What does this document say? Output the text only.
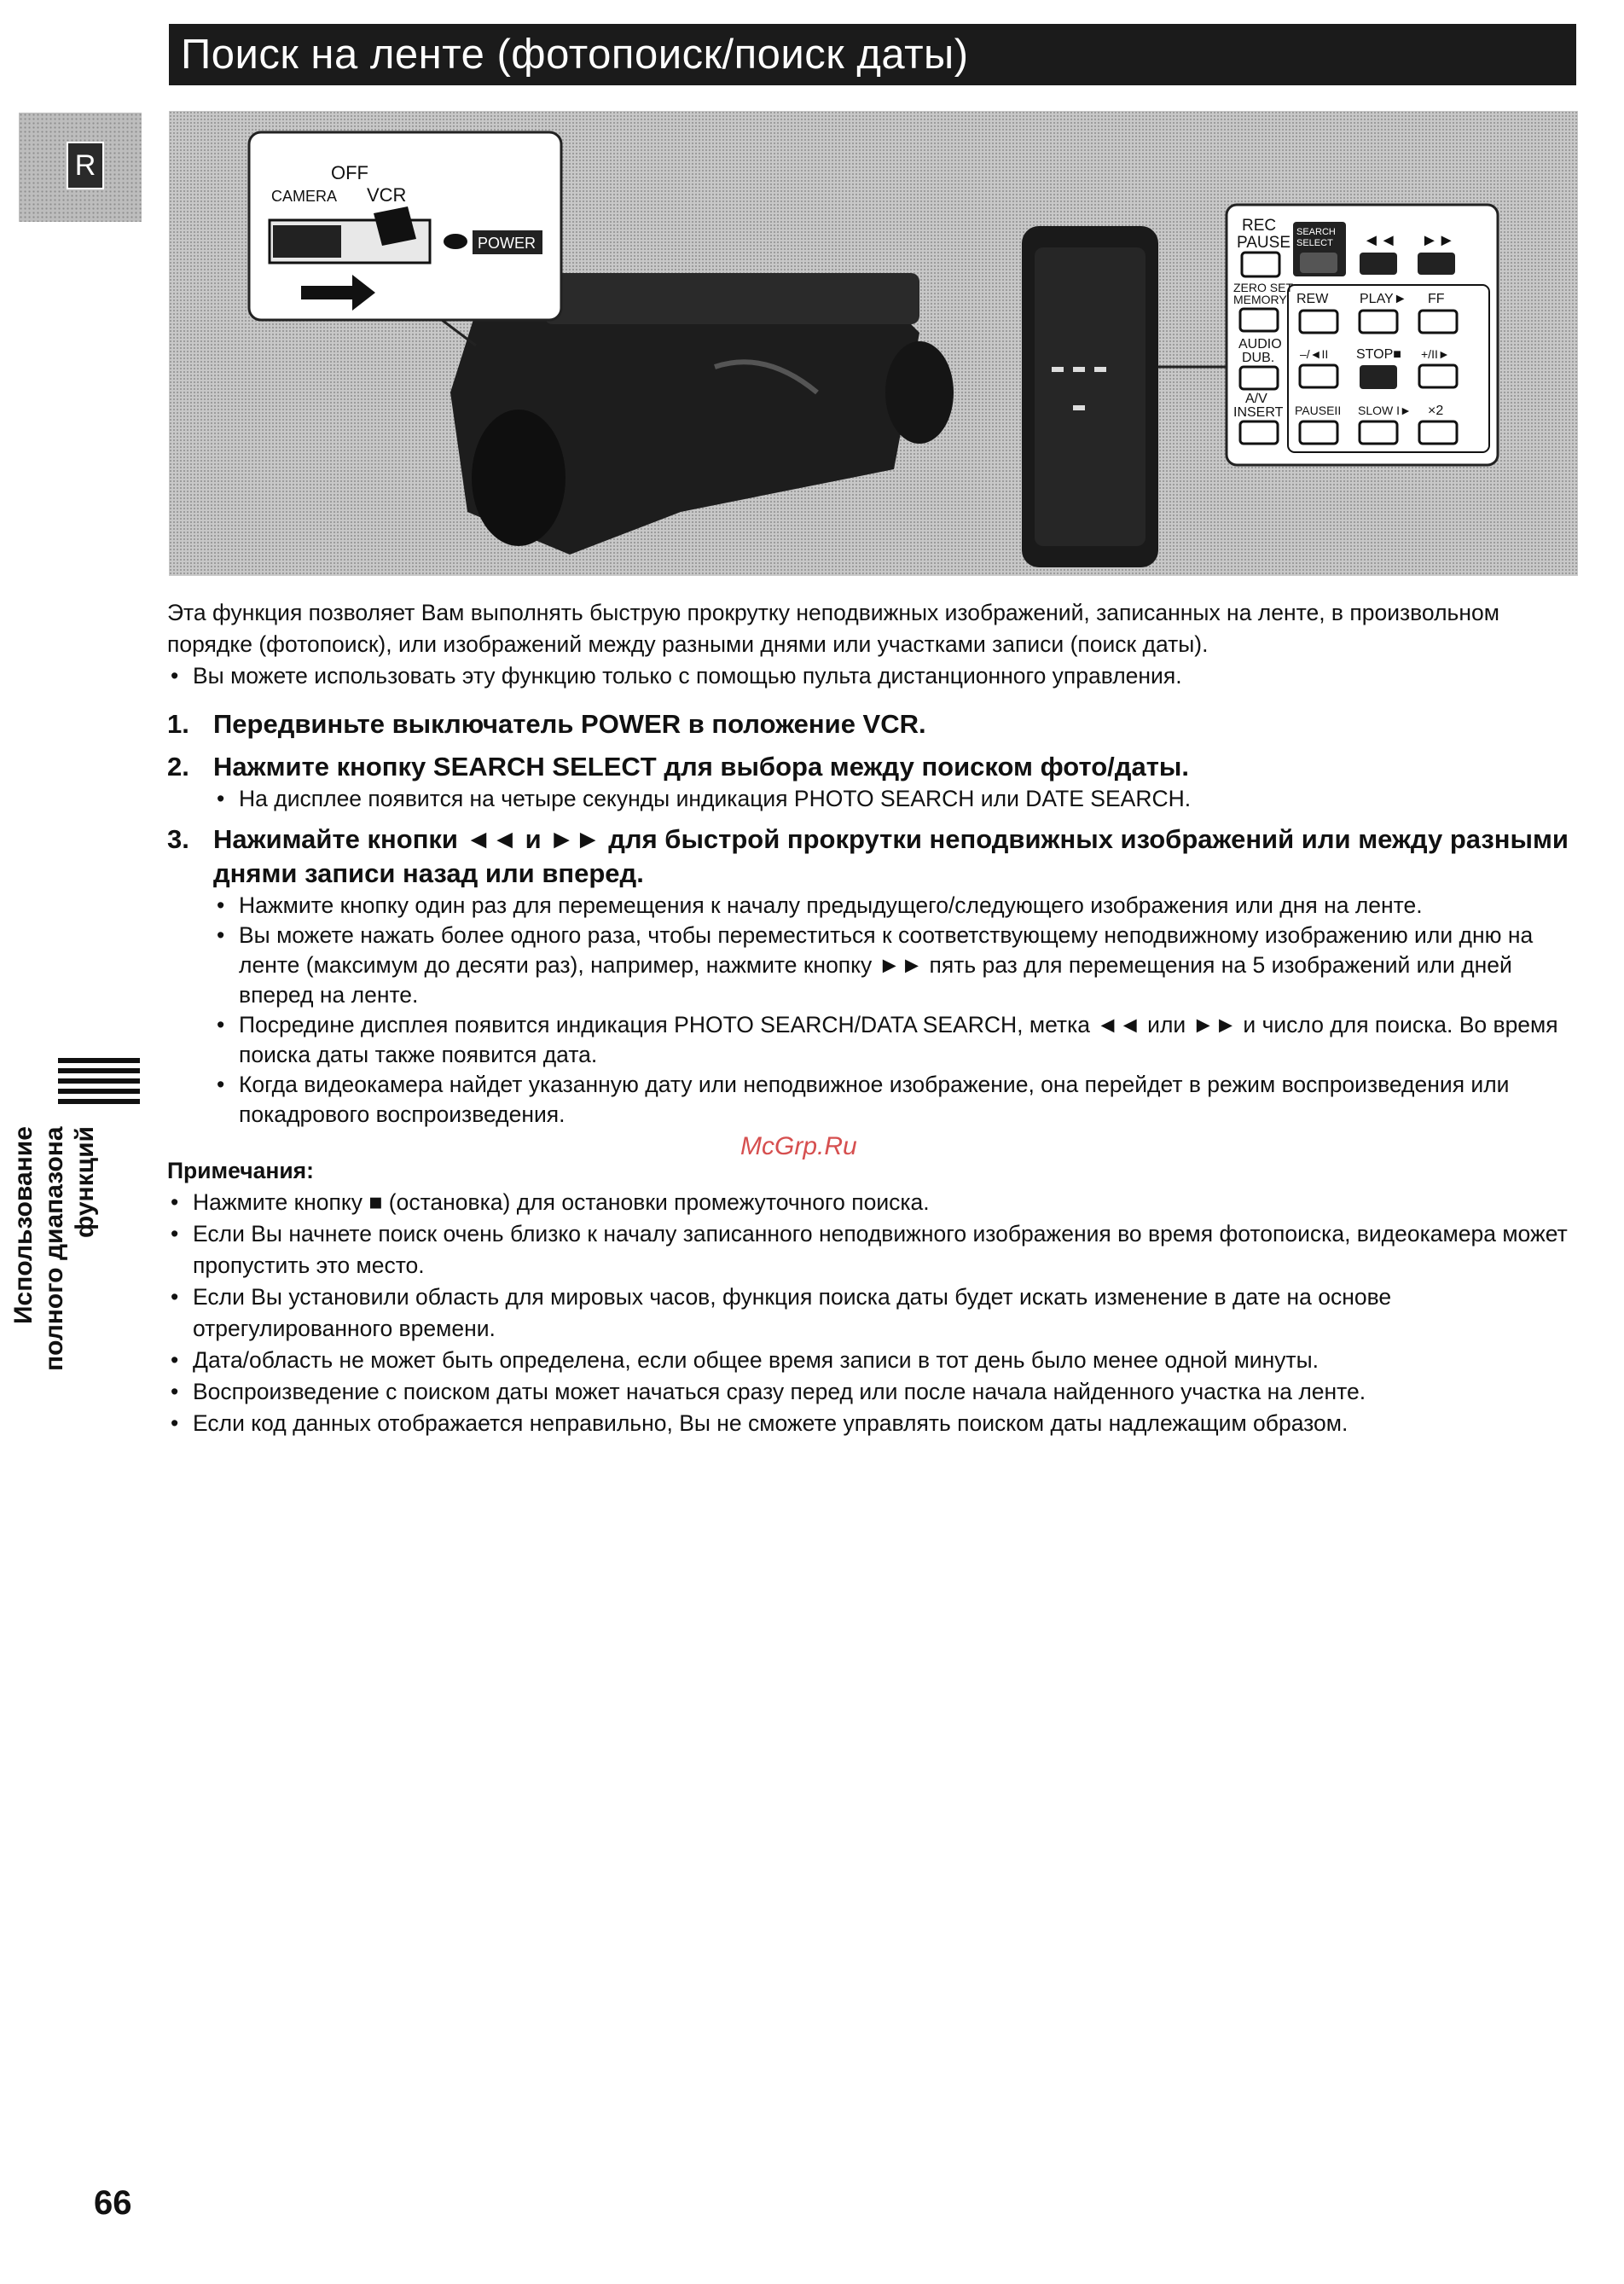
Поиск на ленте (фотопоиск/поиск даты)
R	OFF
CAMERA VCR
POWER
REC
PAUSE
SEARCH
SELECT ◄◄ ►►
ZERO SET
MEMORY REW PLAY► FF
AUDIO
DUB. –/◄II STOP■ +/II►
A/V
INSERT PAUSEII SLOW I► ×2

Эта функция позволяет Вам выполнять быструю прокрутку неподвижных изображений, записанных на ленте, в произвольном порядке (фотопоиск), или изображений между разными днями или участками записи (поиск даты).

• Вы можете использовать эту функцию только с помощью пульта дистанционного управления.

1. Передвиньте выключатель POWER в положение VCR.
2. Нажмите кнопку SEARCH SELECT для выбора между поиском фото/даты.

• На дисплее появится на четыре секунды индикация PHOTO SEARCH или DATE SEARCH.

3. Нажимайте кнопки ◄◄ и ►► для быстрой прокрутки неподвижных изображений или между разными днями записи назад или вперед.

• Нажмите кнопку один раз для перемещения к началу предыдущего/следующего изображения или дня на ленте.

• Вы можете нажать более одного раза, чтобы переместиться к соответствующему неподвижному изображению или дню на ленте (максимум до десяти раз), например, нажмите кнопку ►► пять раз для перемещения на 5 изображений или дней вперед на ленте.

• Посредине дисплея появится индикация PHOTO SEARCH/DATA SEARCH, метка ◄◄ или ►► и число для поиска. Во время поиска даты также появится дата.

• Когда видеокамера найдет указанную дату или неподвижное изображение, она перейдет в режим воспроизведения или покадрового воспроизведения.

Примечания:

• Нажмите кнопку ■ (остановка) для остановки промежуточного поиска.

• Если Вы начнете поиск очень близко к началу записанного неподвижного изображения во время фотопоиска, видеокамера может пропустить это место.

• Если Вы установили область для мировых часов, функция поиска даты будет искать изменение в дате на основе отрегулированного времени.

• Дата/область не может быть определена, если общее время записи в тот день было менее одной минуты.

• Воспроизведение с поиском даты может начаться сразу перед или после начала найденного участка на ленте.

• Если код данных отображается неправильно, Вы не сможете управлять поиском даты надлежащим образом.

Использование
полного диапазона
функций	McGrp.Ru
66
